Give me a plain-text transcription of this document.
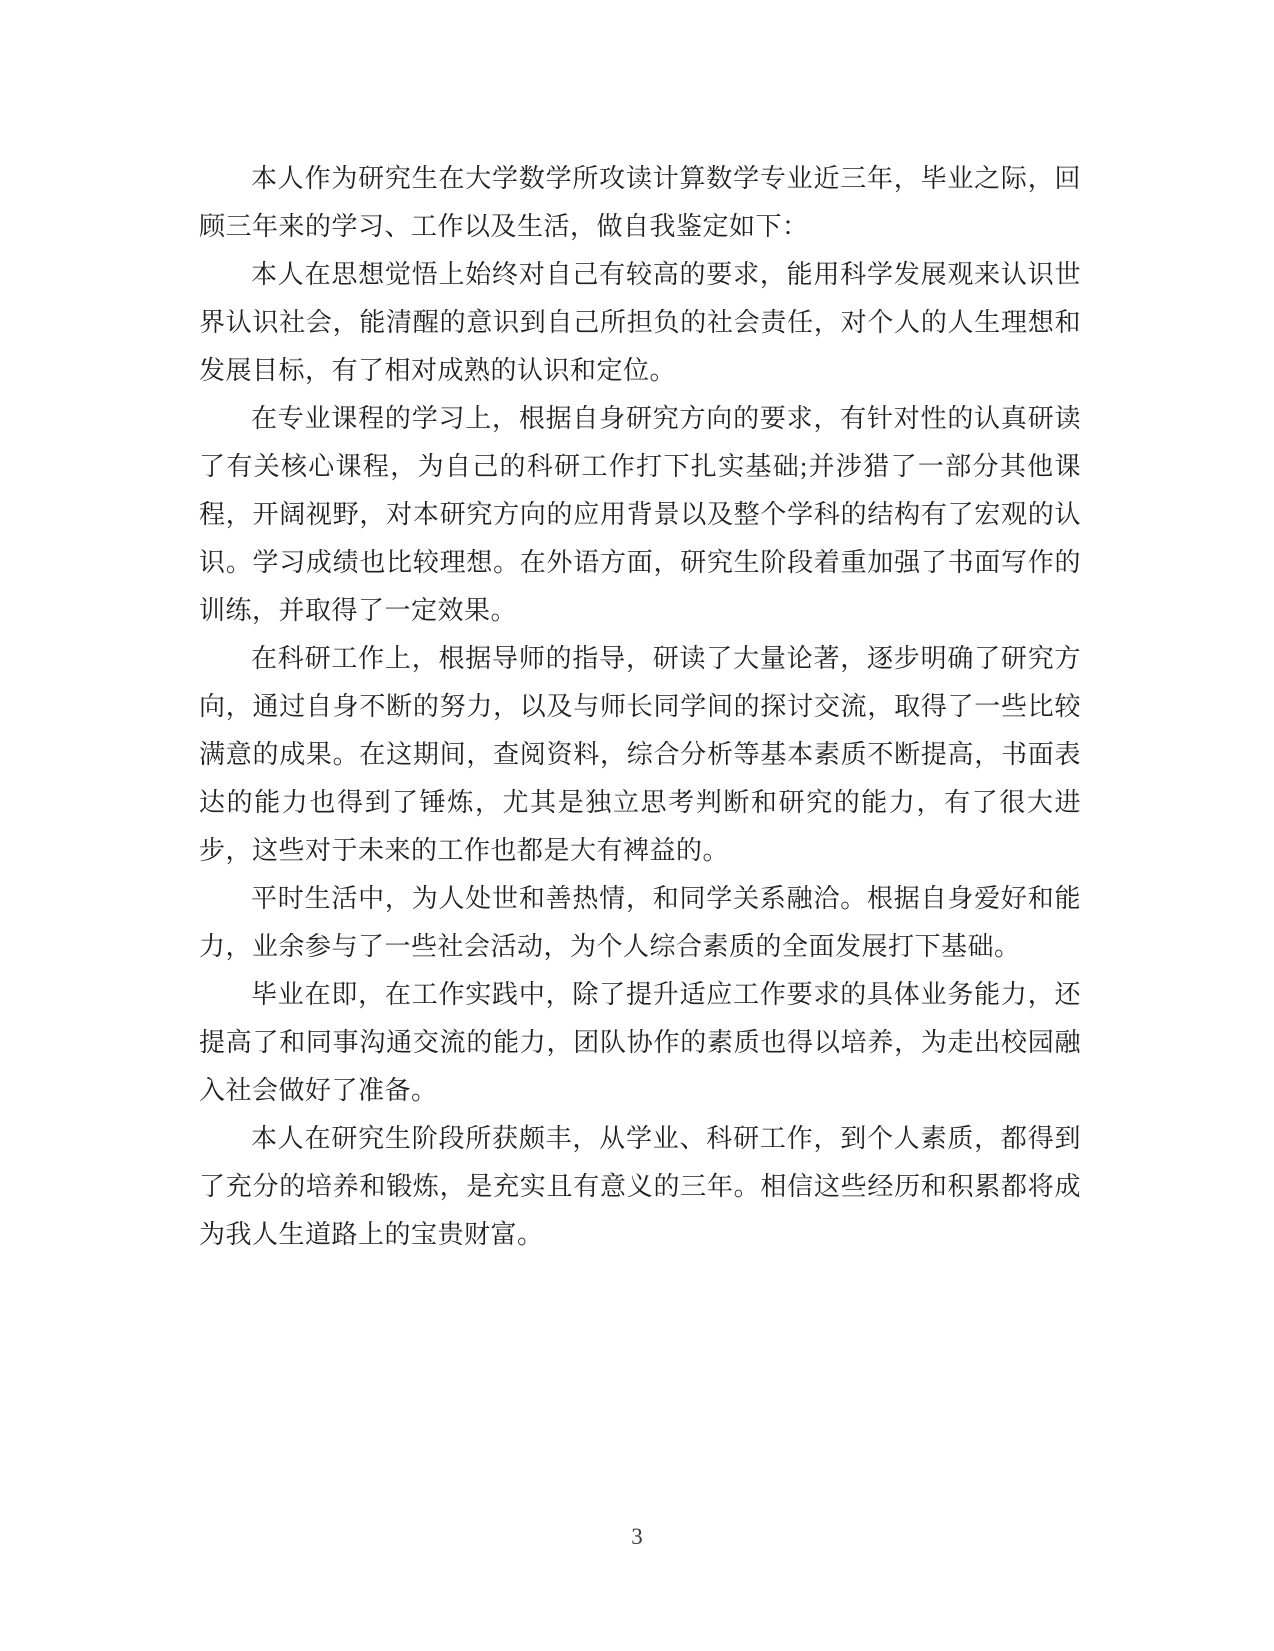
本人作为研究生在大学数学所攻读计算数学专业近三年，毕业之际，回顾三年来的学习、工作以及生活，做自我鉴定如下：

本人在思想觉悟上始终对自己有较高的要求，能用科学发展观来认识世界认识社会，能清醒的意识到自己所担负的社会责任，对个人的人生理想和发展目标，有了相对成熟的认识和定位。

在专业课程的学习上，根据自身研究方向的要求，有针对性的认真研读了有关核心课程，为自己的科研工作打下扎实基础;并涉猎了一部分其他课程，开阔视野，对本研究方向的应用背景以及整个学科的结构有了宏观的认识。学习成绩也比较理想。在外语方面，研究生阶段着重加强了书面写作的训练，并取得了一定效果。

在科研工作上，根据导师的指导，研读了大量论著，逐步明确了研究方向，通过自身不断的努力，以及与师长同学间的探讨交流，取得了一些比较满意的成果。在这期间，查阅资料，综合分析等基本素质不断提高，书面表达的能力也得到了锤炼，尤其是独立思考判断和研究的能力，有了很大进步，这些对于未来的工作也都是大有裨益的。

平时生活中，为人处世和善热情，和同学关系融洽。根据自身爱好和能力，业余参与了一些社会活动，为个人综合素质的全面发展打下基础。

毕业在即，在工作实践中，除了提升适应工作要求的具体业务能力，还提高了和同事沟通交流的能力，团队协作的素质也得以培养，为走出校园融入社会做好了准备。

本人在研究生阶段所获颇丰，从学业、科研工作，到个人素质，都得到了充分的培养和锻炼，是充实且有意义的三年。相信这些经历和积累都将成为我人生道路上的宝贵财富。

3
